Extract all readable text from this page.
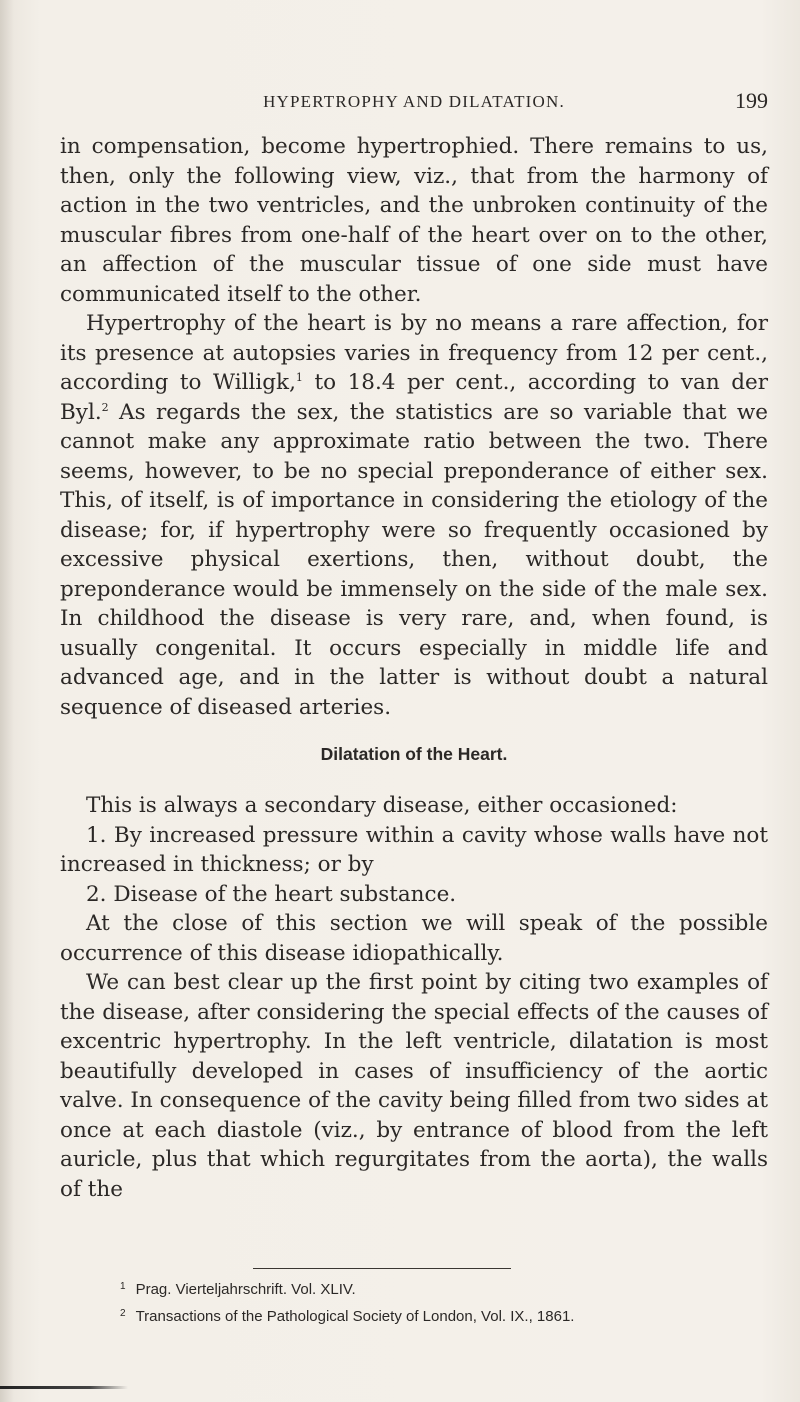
HYPERTROPHY AND DILATATION.	199

in compensation, become hypertrophied. There remains to us, then, only the following view, viz., that from the harmony of action in the two ventricles, and the unbroken continuity of the muscular fibres from one-half of the heart over on to the other, an affection of the muscular tissue of one side must have communicated itself to the other.

Hypertrophy of the heart is by no means a rare affection, for its presence at autopsies varies in frequency from 12 per cent., according to Willigk,$^1$ to 18.4 per cent., according to van der Byl.$^2$ As regards the sex, the statistics are so variable that we cannot make any approximate ratio between the two. There seems, however, to be no special preponderance of either sex. This, of itself, is of importance in considering the etiology of the disease; for, if hypertrophy were so frequently occasioned by excessive physical exertions, then, without doubt, the preponderance would be immensely on the side of the male sex. In childhood the disease is very rare, and, when found, is usually congenital. It occurs especially in middle life and advanced age, and in the latter is without doubt a natural sequence of diseased arteries.

Dilatation of the Heart.

This is always a secondary disease, either occasioned:

1. By increased pressure within a cavity whose walls have not increased in thickness; or by

2. Disease of the heart substance.

At the close of this section we will speak of the possible occurrence of this disease idiopathically.

We can best clear up the first point by citing two examples of the disease, after considering the special effects of the causes of excentric hypertrophy. In the left ventricle, dilatation is most beautifully developed in cases of insufficiency of the aortic valve. In consequence of the cavity being filled from two sides at once at each diastole (viz., by entrance of blood from the left auricle, plus that which regurgitates from the aorta), the walls of the

$^1$ Prag. Vierteljahrschrift. Vol. XLIV.
$^2$ Transactions of the Pathological Society of London, Vol. IX., 1861.
